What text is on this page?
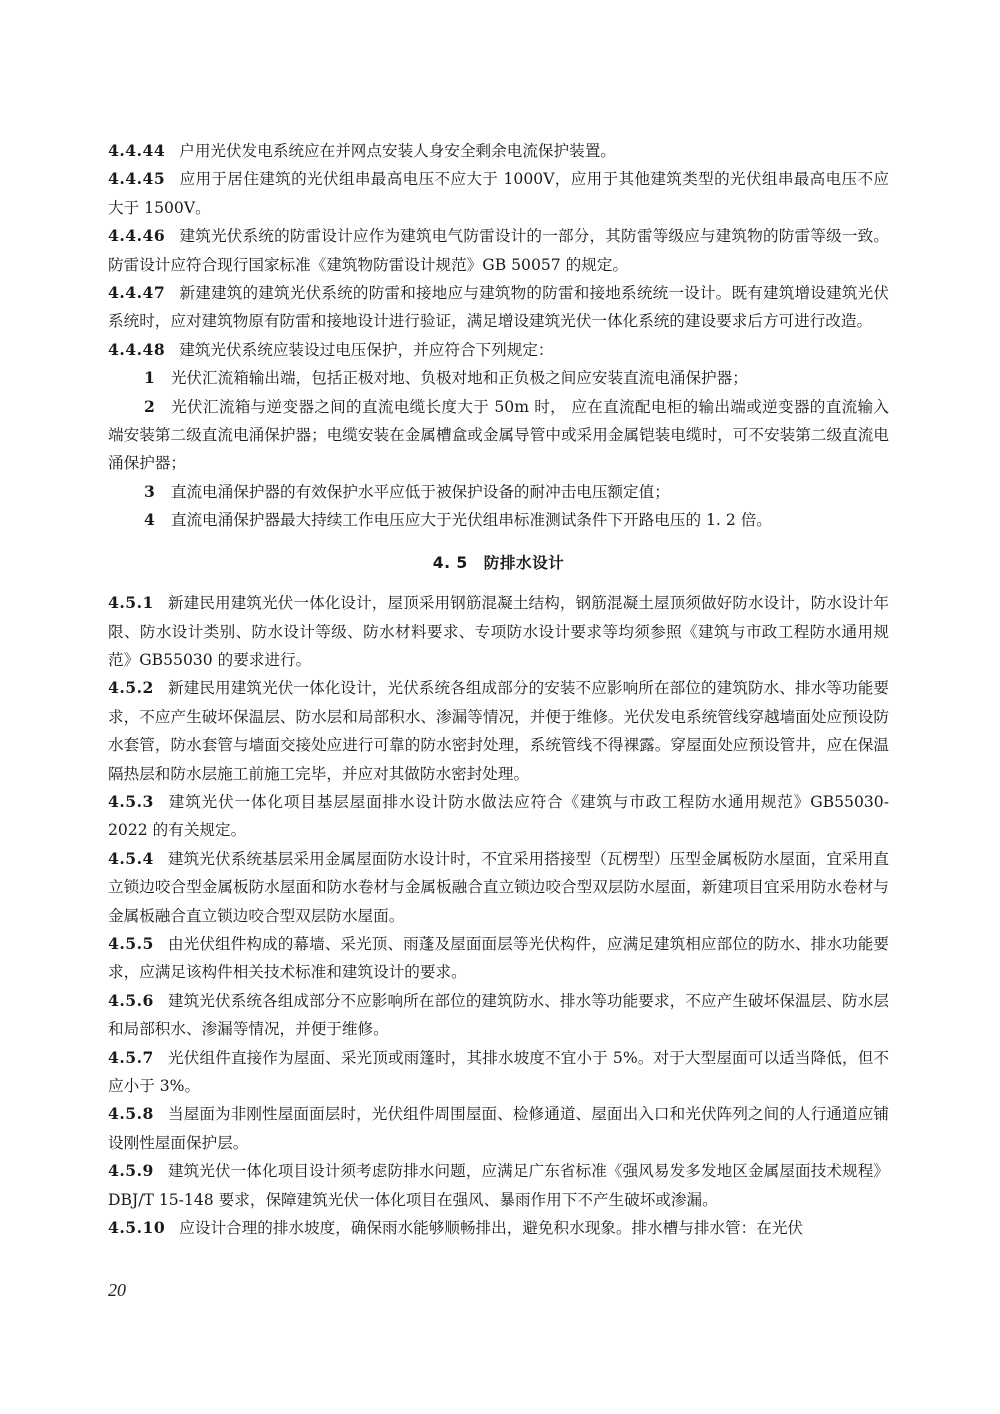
4.4.44 户用光伏发电系统应在并网点安装人身安全剩余电流保护装置。

4.4.45 应用于居住建筑的光伏组串最高电压不应大于 1000V，应用于其他建筑类型的光伏组串最高电压不应大于 1500V。

4.4.46 建筑光伏系统的防雷设计应作为建筑电气防雷设计的一部分，其防雷等级应与建筑物的防雷等级一致。防雷设计应符合现行国家标准《建筑物防雷设计规范》GB 50057 的规定。

4.4.47 新建建筑的建筑光伏系统的防雷和接地应与建筑物的防雷和接地系统统一设计。既有建筑增设建筑光伏系统时，应对建筑物原有防雷和接地设计进行验证，满足增设建筑光伏一体化系统的建设要求后方可进行改造。

4.4.48 建筑光伏系统应装设过电压保护，并应符合下列规定：

1 光伏汇流箱输出端，包括正极对地、负极对地和正负极之间应安装直流电涌保护器；

2 光伏汇流箱与逆变器之间的直流电缆长度大于 50m 时， 应在直流配电柜的输出端或逆变器的直流输入端安装第二级直流电涌保护器；电缆安装在金属槽盒或金属导管中或采用金属铠装电缆时，可不安装第二级直流电涌保护器；

3 直流电涌保护器的有效保护水平应低于被保护设备的耐冲击电压额定值；

4 直流电涌保护器最大持续工作电压应大于光伏组串标准测试条件下开路电压的 1. 2 倍。

4. 5 防排水设计

4.5.1 新建民用建筑光伏一体化设计，屋顶采用钢筋混凝土结构，钢筋混凝土屋顶须做好防水设计，防水设计年限、防水设计类别、防水设计等级、防水材料要求、专项防水设计要求等均须参照《建筑与市政工程防水通用规范》GB55030 的要求进行。

4.5.2 新建民用建筑光伏一体化设计，光伏系统各组成部分的安装不应影响所在部位的建筑防水、排水等功能要求，不应产生破坏保温层、防水层和局部积水、渗漏等情况，并便于维修。光伏发电系统管线穿越墙面处应预设防水套管，防水套管与墙面交接处应进行可靠的防水密封处理，系统管线不得裸露。穿屋面处应预设管井，应在保温隔热层和防水层施工前施工完毕，并应对其做防水密封处理。

4.5.3 建筑光伏一体化项目基层屋面排水设计防水做法应符合《建筑与市政工程防水通用规范》GB55030-2022 的有关规定。

4.5.4 建筑光伏系统基层采用金属屋面防水设计时，不宜采用搭接型（瓦楞型）压型金属板防水屋面，宜采用直立锁边咬合型金属板防水屋面和防水卷材与金属板融合直立锁边咬合型双层防水屋面，新建项目宜采用防水卷材与金属板融合直立锁边咬合型双层防水屋面。

4.5.5 由光伏组件构成的幕墙、采光顶、雨蓬及屋面面层等光伏构件，应满足建筑相应部位的防水、排水功能要求，应满足该构件相关技术标准和建筑设计的要求。

4.5.6 建筑光伏系统各组成部分不应影响所在部位的建筑防水、排水等功能要求，不应产生破坏保温层、防水层和局部积水、渗漏等情况，并便于维修。

4.5.7 光伏组件直接作为屋面、采光顶或雨篷时，其排水坡度不宜小于 5%。对于大型屋面可以适当降低，但不应小于 3%。

4.5.8 当屋面为非刚性屋面面层时，光伏组件周围屋面、检修通道、屋面出入口和光伏阵列之间的人行通道应铺设刚性屋面保护层。

4.5.9 建筑光伏一体化项目设计须考虑防排水问题，应满足广东省标准《强风易发多发地区金属屋面技术规程》DBJ/T 15-148 要求，保障建筑光伏一体化项目在强风、暴雨作用下不产生破坏或渗漏。

4.5.10 应设计合理的排水坡度，确保雨水能够顺畅排出，避免积水现象。排水槽与排水管：在光伏

20
